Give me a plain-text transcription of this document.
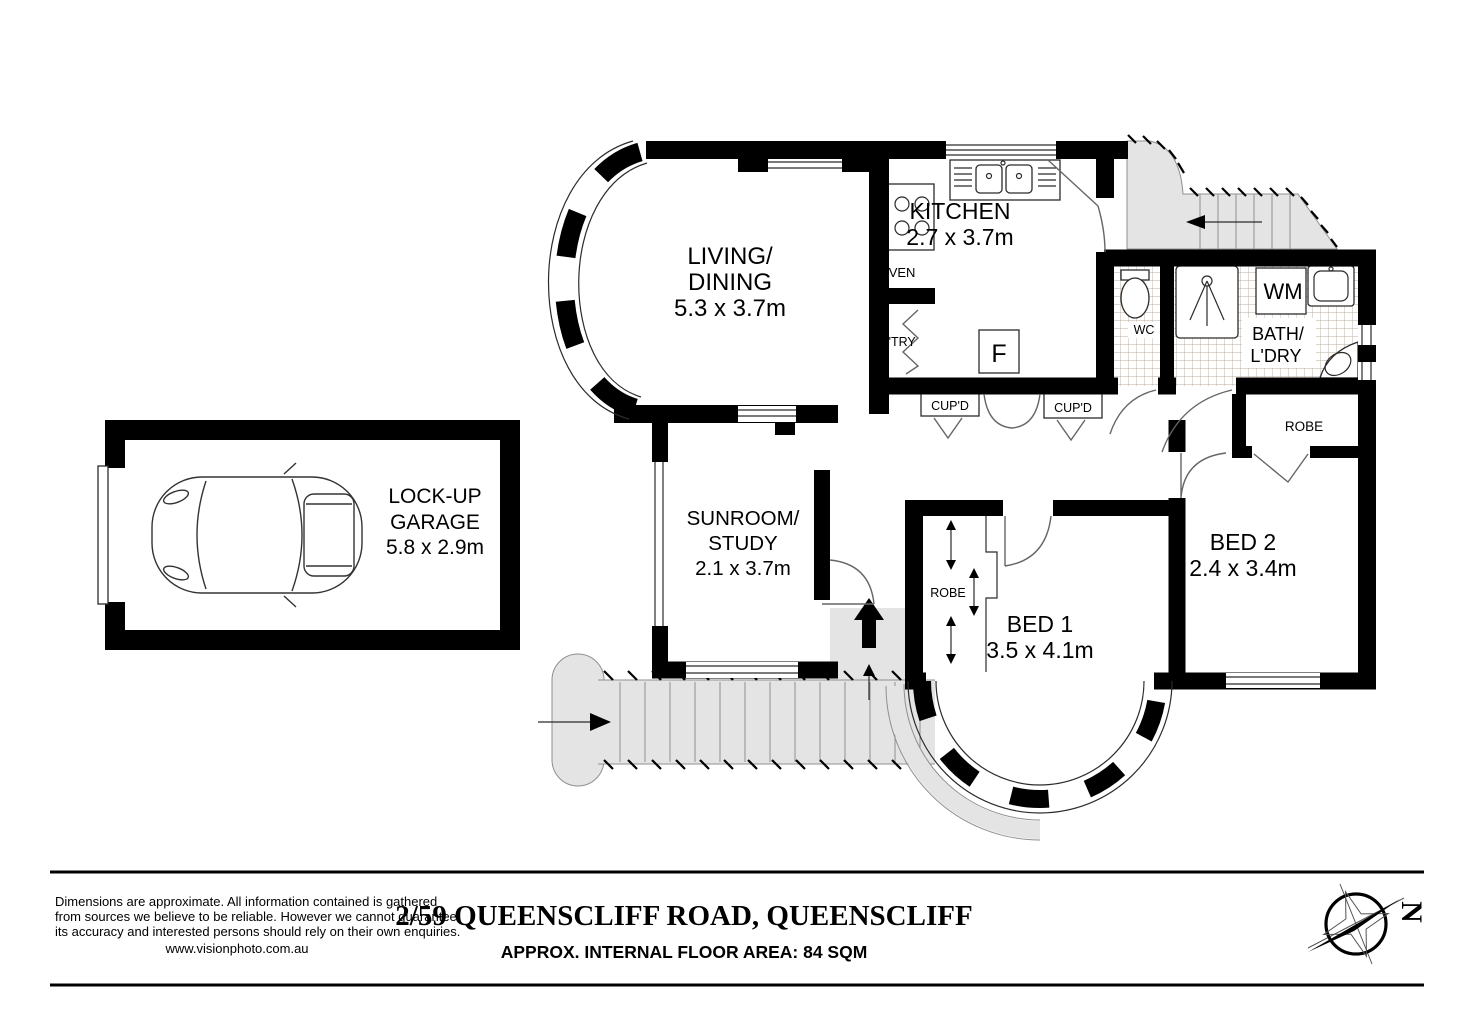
LIVING/
DINING
5.3 x 3.7m
KITCHEN
2.7 x 3.7m
OVEN
P'TRY	F
CUP'D	CUP'D
WC
WM
BATH/
L'DRY
ROBE
BED 2
2.4 x 3.4m
ROBE
BED 1
3.5 x 4.1m
SUNROOM/
STUDY
2.1 x 3.7m
LOCK-UP
GARAGE
5.8 x 2.9m
Dimensions are approximate. All information contained is gathered
from sources we believe to be reliable. However we cannot guarantee
its accuracy and interested persons should rely on their own enquiries.
www.visionphoto.com.au
2/59 QUEENSCLIFF ROAD, QUEENSCLIFF
APPROX. INTERNAL FLOOR AREA: 84 SQM
N
